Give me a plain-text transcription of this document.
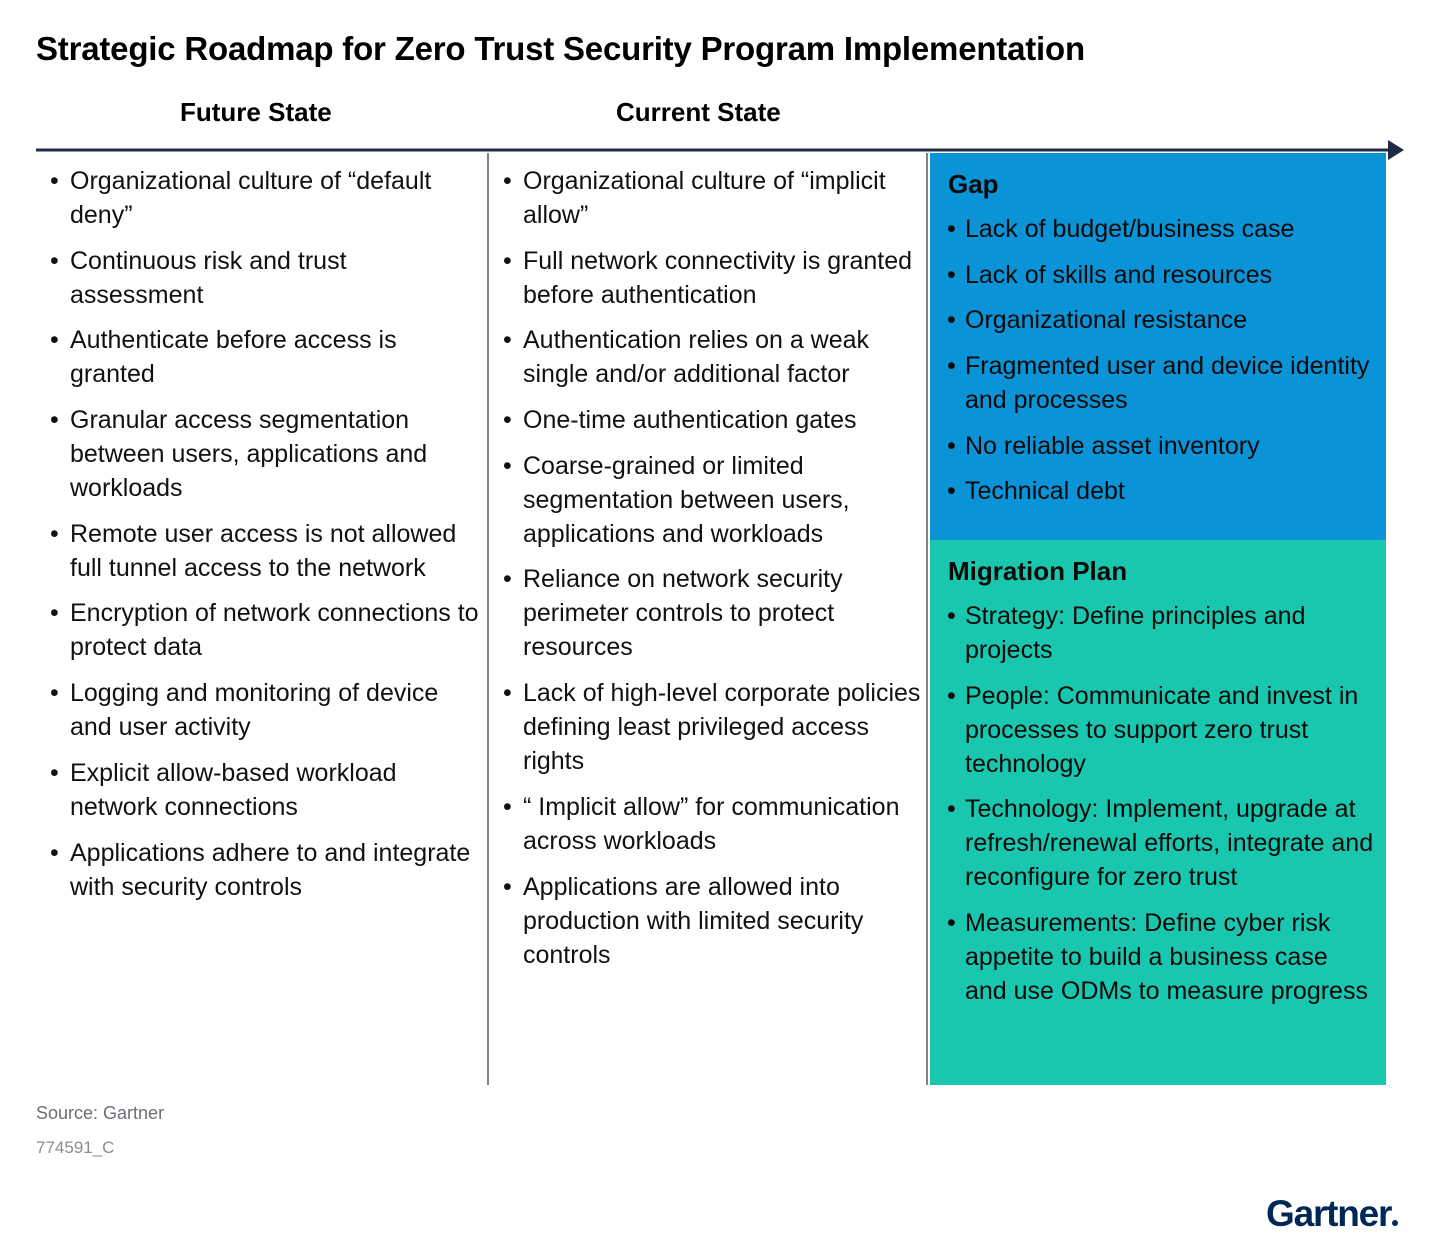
Strategic Roadmap for Zero Trust Security Program Implementation
Future State	Current State
• Organizational culture of “default deny”
• Continuous risk and trust assessment
• Authenticate before access is granted
• Granular access segmentation between users, applications and workloads
• Remote user access is not allowed full tunnel access to the network
• Encryption of network connections to protect data
• Logging and monitoring of device and user activity
• Explicit allow-based workload network connections
• Applications adhere to and integrate with security controls
• Organizational culture of “implicit allow”
• Full network connectivity is granted before authentication
• Authentication relies on a weak single and/or additional factor
• One-time authentication gates
• Coarse-grained or limited segmentation between users, applications and workloads
• Reliance on network security perimeter controls to protect resources
• Lack of high-level corporate policies defining least privileged access rights
• “ Implicit allow” for communication across workloads
• Applications are allowed into production with limited security controls
Gap
• Lack of budget/business case
• Lack of skills and resources
• Organizational resistance
• Fragmented user and device identity and processes
• No reliable asset inventory
• Technical debt
Migration Plan
• Strategy: Define principles and projects
• People: Communicate and invest in processes to support zero trust technology
• Technology: Implement, upgrade at refresh/renewal efforts, integrate and reconfigure for zero trust
• Measurements: Define cyber risk appetite to build a business case and use ODMs to measure progress
Source: Gartner
774591_C
Gartner
